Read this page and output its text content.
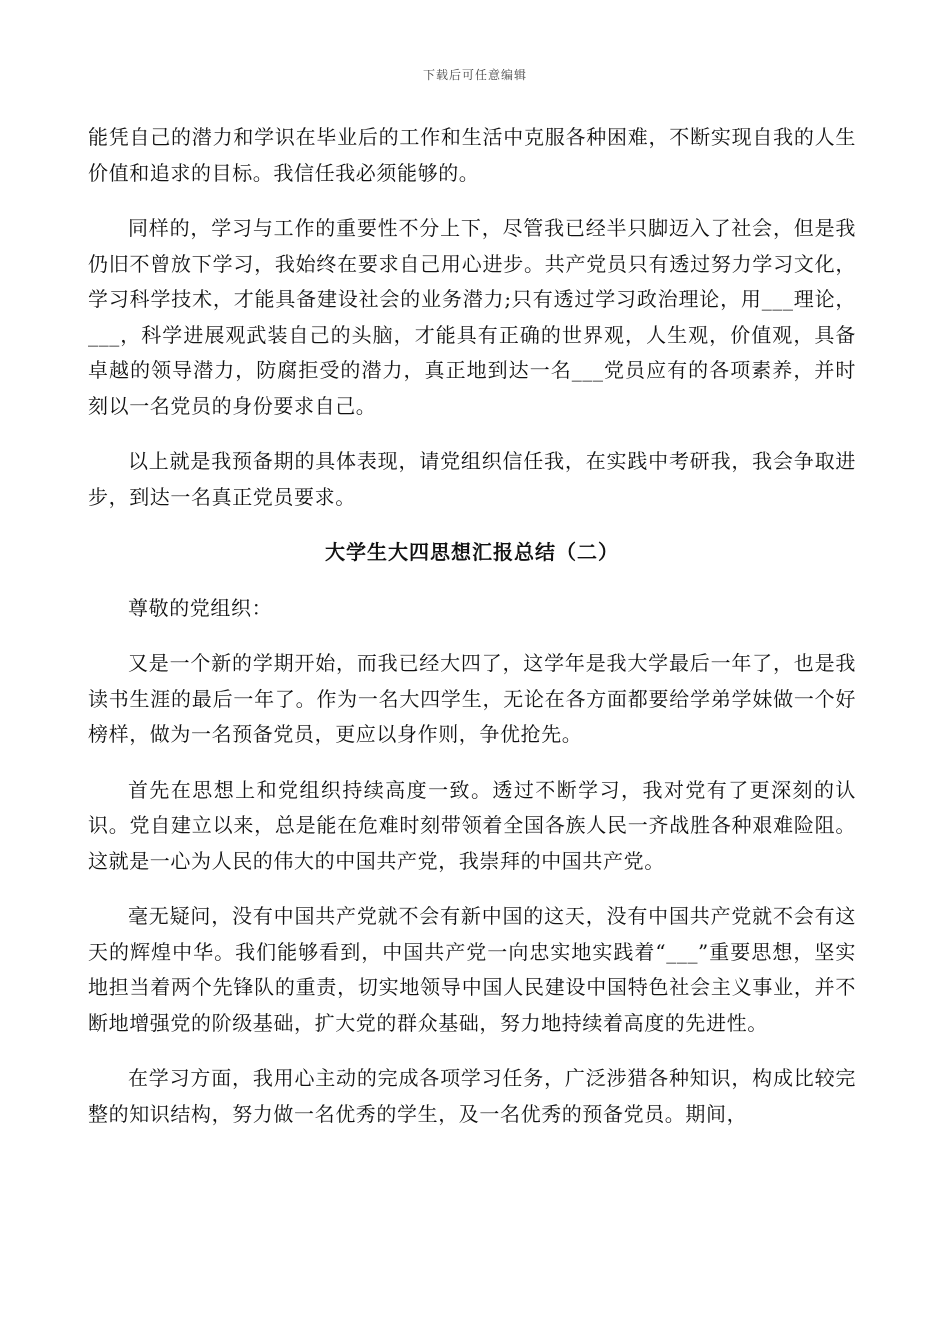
下载后可任意编辑

能凭自己的潜力和学识在毕业后的工作和生活中克服各种困难，不断实现自我的人生价值和追求的目标。我信任我必须能够的。

同样的，学习与工作的重要性不分上下，尽管我已经半只脚迈入了社会，但是我仍旧不曾放下学习，我始终在要求自己用心进步。共产党员只有透过努力学习文化，学习科学技术，才能具备建设社会的业务潜力;只有透过学习政治理论，用___理论，___，科学进展观武装自己的头脑，才能具有正确的世界观，人生观，价值观，具备卓越的领导潜力，防腐拒受的潜力，真正地到达一名___党员应有的各项素养，并时刻以一名党员的身份要求自己。

以上就是我预备期的具体表现，请党组织信任我，在实践中考研我，我会争取进步，到达一名真正党员要求。

大学生大四思想汇报总结（二）

尊敬的党组织：

又是一个新的学期开始，而我已经大四了，这学年是我大学最后一年了，也是我读书生涯的最后一年了。作为一名大四学生，无论在各方面都要给学弟学妹做一个好榜样，做为一名预备党员，更应以身作则，争优抢先。

首先在思想上和党组织持续高度一致。透过不断学习，我对党有了更深刻的认识。党自建立以来，总是能在危难时刻带领着全国各族人民一齐战胜各种艰难险阻。这就是一心为人民的伟大的中国共产党，我崇拜的中国共产党。

毫无疑问，没有中国共产党就不会有新中国的这天，没有中国共产党就不会有这天的辉煌中华。我们能够看到，中国共产党一向忠实地实践着“___”重要思想，坚实地担当着两个先锋队的重责，切实地领导中国人民建设中国特色社会主义事业，并不断地增强党的阶级基础，扩大党的群众基础，努力地持续着高度的先进性。

在学习方面，我用心主动的完成各项学习任务，广泛涉猎各种知识，构成比较完整的知识结构，努力做一名优秀的学生，及一名优秀的预备党员。期间，
